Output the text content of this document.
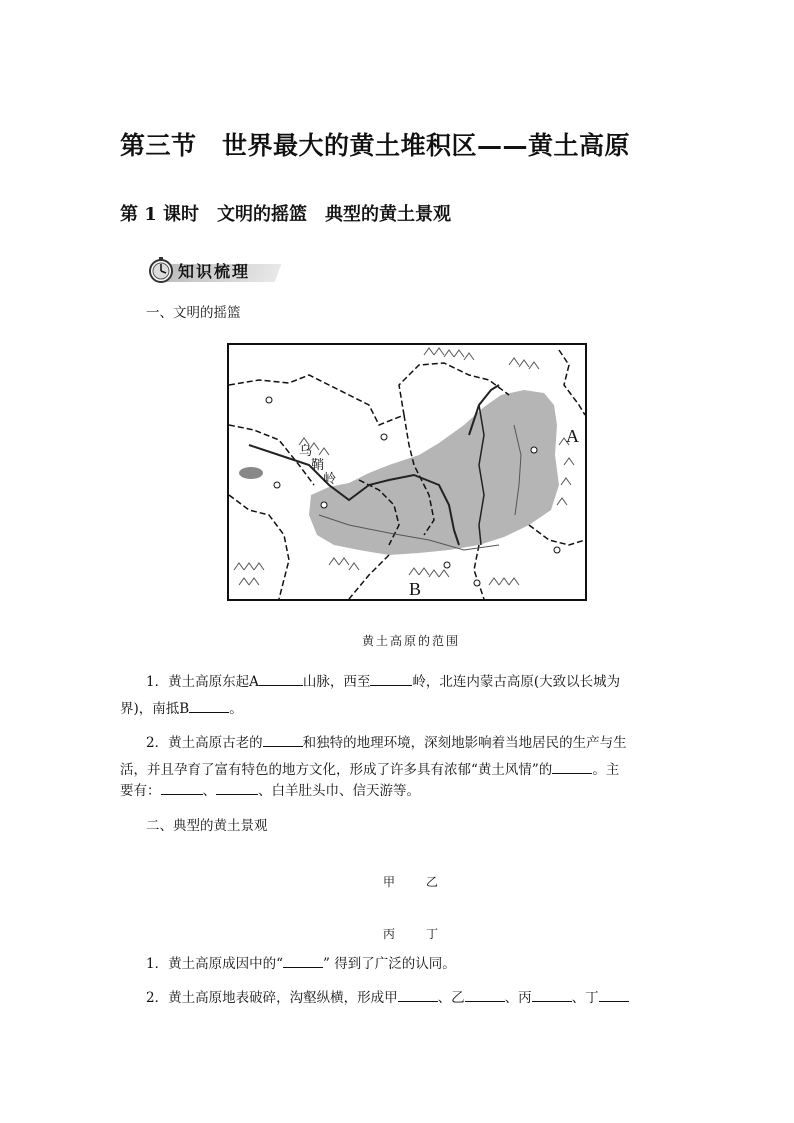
第三节　世界最大的黄土堆积区——黄土高原
第 1 课时　文明的摇篮　典型的黄土景观
知识梳理
一、文明的摇篮
乌
鞘
岭
A
B
黄土高原的范围
1．黄土高原东起A	山脉，西至	岭，北连内蒙古高原(大致以长城为
界)，南抵B	。
2．黄土高原古老的	和独特的地理环境，深刻地影响着当地居民的生产与生
活，并且孕育了富有特色的地方文化，形成了许多具有浓郁“黄土风情”的	。主
要有：	、	、白羊肚头巾、信天游等。
二、典型的黄土景观
甲	乙
丙	丁
1．黄土高原成因中的“	” 得到了广泛的认同。
2．黄土高原地表破碎，沟壑纵横，形成甲	、乙	、丙	、丁
